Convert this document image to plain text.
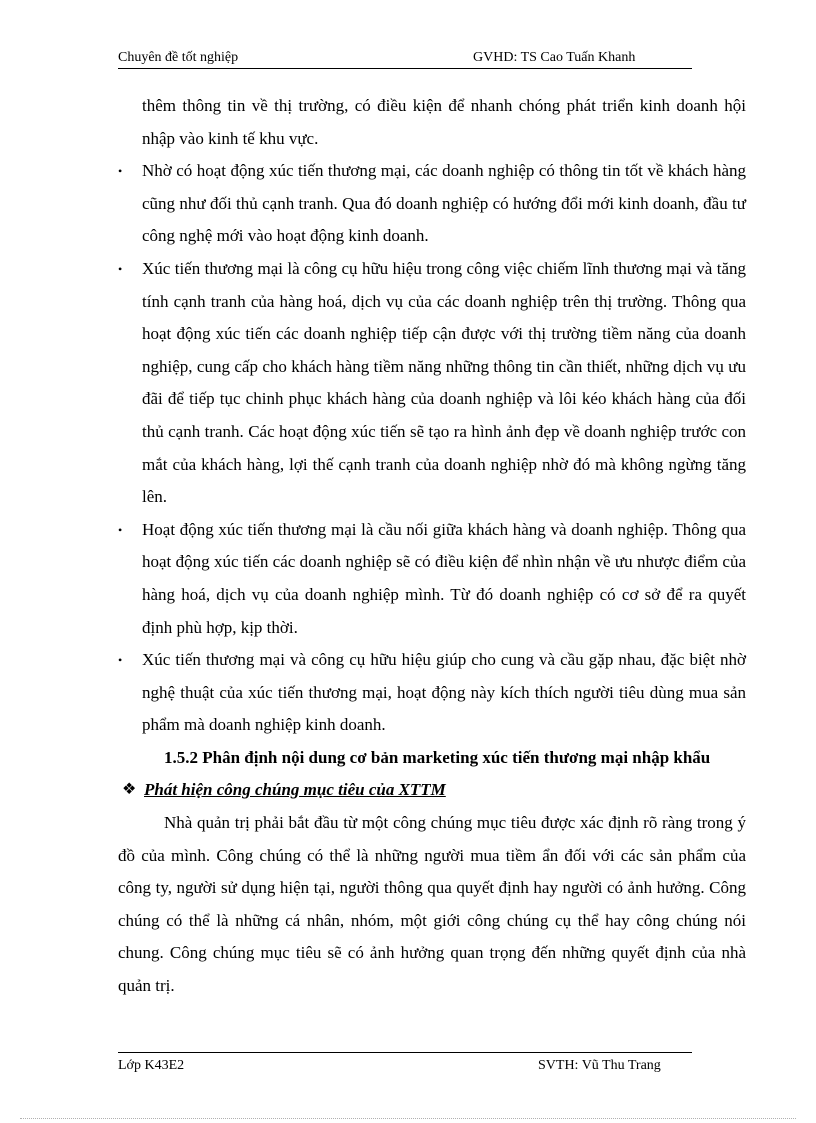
Chuyên đề tốt nghiệp	GVHD: TS Cao Tuấn Khanh

thêm thông tin về thị trường, có điều kiện để nhanh chóng phát triển kinh doanh hội nhập vào kinh tế khu vực.

•	Nhờ có hoạt động xúc tiến thương mại, các doanh nghiệp có thông tin tốt về khách hàng cũng như đối thủ cạnh tranh. Qua đó doanh nghiệp có hướng đổi mới kinh doanh, đầu tư công nghệ mới vào hoạt động kinh doanh.
•	Xúc tiến thương mại là công cụ hữu hiệu trong công việc chiếm lĩnh thương mại và tăng tính cạnh tranh của hàng hoá, dịch vụ của các doanh nghiệp trên thị trường. Thông qua hoạt động xúc tiến các doanh nghiệp tiếp cận được với thị trường tiềm năng của doanh nghiệp, cung cấp cho khách hàng tiềm năng những thông tin cần thiết, những dịch vụ ưu đãi để tiếp tục chinh phục khách hàng của doanh nghiệp và lôi kéo khách hàng của đối thủ cạnh tranh. Các hoạt động xúc tiến sẽ tạo ra hình ảnh đẹp về doanh nghiệp trước con mắt của khách hàng, lợi thế cạnh tranh của doanh nghiệp nhờ đó mà không ngừng tăng lên.
•	Hoạt động xúc tiến thương mại là cầu nối giữa khách hàng và doanh nghiệp. Thông qua hoạt động xúc tiến các doanh nghiệp sẽ có điều kiện để nhìn nhận về ưu nhược điểm của hàng hoá, dịch vụ của doanh nghiệp mình. Từ đó doanh nghiệp có cơ sở để ra quyết định phù hợp, kịp thời.
•	Xúc tiến thương mại và công cụ hữu hiệu giúp cho cung và cầu gặp nhau, đặc biệt nhờ nghệ thuật của xúc tiến thương mại, hoạt động này kích thích người tiêu dùng mua sản phẩm mà doanh nghiệp kinh doanh.

1.5.2 Phân định nội dung cơ bản marketing xúc tiến thương mại nhập khẩu

❖ Phát hiện công chúng mục tiêu của XTTM

Nhà quản trị phải bắt đầu từ một công chúng mục tiêu được xác định rõ ràng trong ý đồ của mình. Công chúng có thể là những người mua tiềm ẩn đối với các sản phẩm của công ty, người sử dụng hiện tại, người thông qua quyết định hay người có ảnh hưởng. Công chúng có thể là những cá nhân, nhóm, một giới công chúng cụ thể hay công chúng nói chung. Công chúng mục tiêu sẽ có ảnh hưởng quan trọng đến những quyết định của nhà quản trị.

Lớp K43E2	SVTH: Vũ Thu Trang
